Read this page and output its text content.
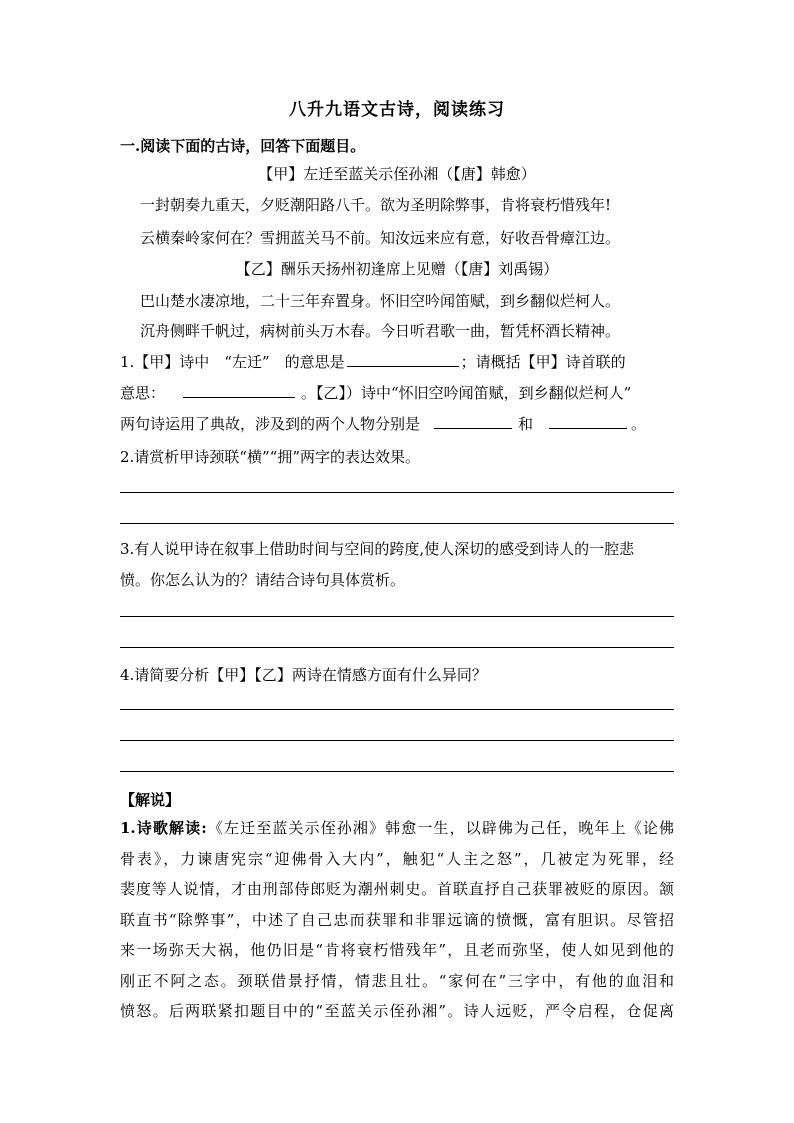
八升九语文古诗，阅读练习
一.阅读下面的古诗，回答下面题目。
【甲】左迁至蓝关示侄孙湘（【唐】韩愈）
一封朝奏九重天，夕贬潮阳路八千。欲为圣明除弊事，肯将衰朽惜残年!
云横秦岭家何在？雪拥蓝关马不前。知汝远来应有意，好收吾骨瘴江边。
【乙】酬乐天扬州初逢席上见赠（【唐】刘禹锡）
巴山楚水凄凉地，二十三年弃置身。怀旧空吟闻笛赋，到乡翻似烂柯人。
沉舟侧畔千帆过，病树前头万木春。今日听君歌一曲，暂凭杯酒长精神。
1.【甲】诗中　“左迁”　的意思是	；请概括【甲】诗首联的
意思：	。【乙】）诗中“怀旧空吟闻笛赋，到乡翻似烂柯人”
两句诗运用了典故，涉及到的两个人物分别是	和	。
2.请赏析甲诗颈联“横”“拥”两字的表达效果。
3.有人说甲诗在叙事上借助时间与空间的跨度,使人深切的感受到诗人的一腔悲
愤。你怎么认为的？请结合诗句具体赏析。
4.请简要分析【甲】【乙】两诗在情感方面有什么异同？
【解说】
1.诗歌解读:《左迁至蓝关示侄孙湘》韩愈一生，以辟佛为己任，晚年上《论佛
骨表》，力谏唐宪宗“迎佛骨入大内”，触犯“人主之怒”，几被定为死罪，经
裴度等人说情，才由刑部侍郎贬为潮州刺史。首联直抒自己获罪被贬的原因。颔
联直书“除弊事”，中述了自己忠而获罪和非罪远谪的愤慨，富有胆识。尽管招
来一场弥天大祸，他仍旧是“肯将衰朽惜残年”，且老而弥坚，使人如见到他的
刚正不阿之态。颈联借景抒情，情悲且壮。“家何在”三字中，有他的血泪和
愤怒。后两联紧扣题目中的“至蓝关示侄孙湘”。诗人远贬，严令启程，仓促离
